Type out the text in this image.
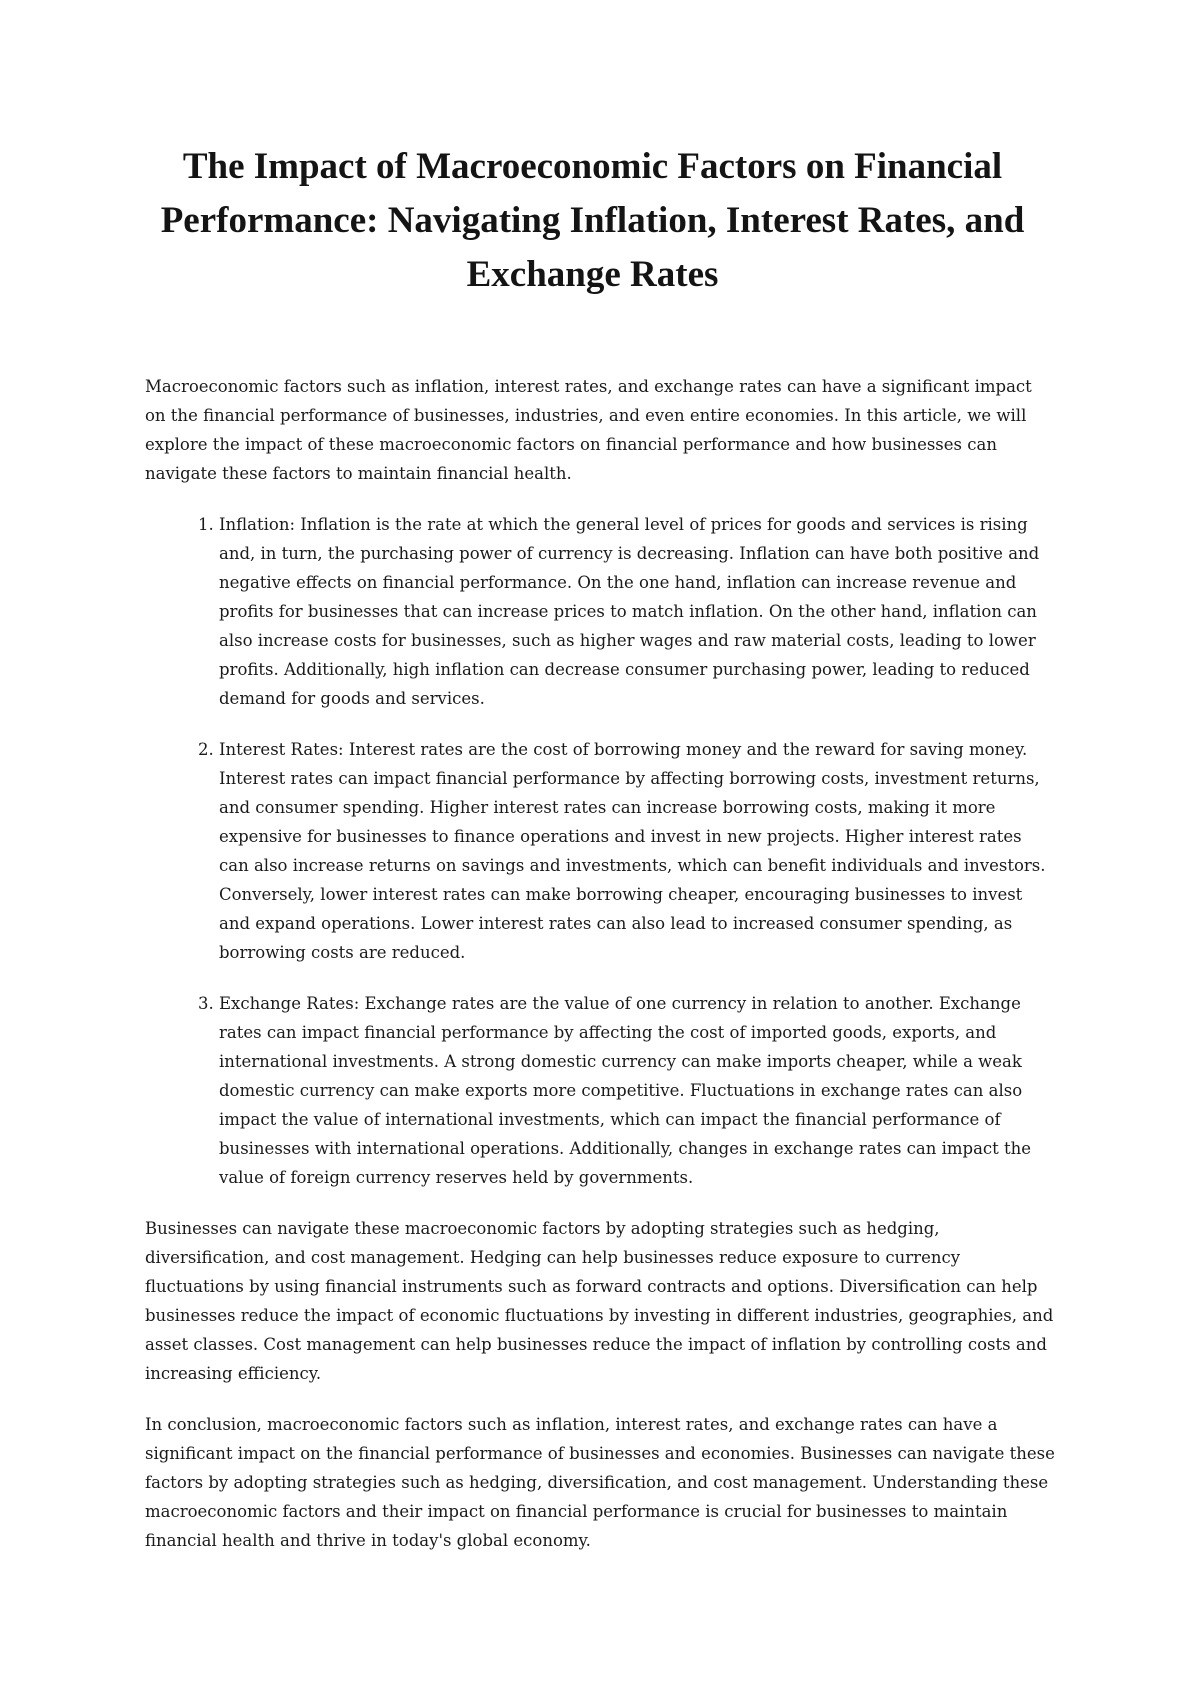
The Impact of Macroeconomic Factors on Financial Performance: Navigating Inflation, Interest Rates, and Exchange Rates

Macroeconomic factors such as inflation, interest rates, and exchange rates can have a significant impact on the financial performance of businesses, industries, and even entire economies. In this article, we will explore the impact of these macroeconomic factors on financial performance and how businesses can navigate these factors to maintain financial health.

1. Inflation: Inflation is the rate at which the general level of prices for goods and services is rising and, in turn, the purchasing power of currency is decreasing. Inflation can have both positive and negative effects on financial performance. On the one hand, inflation can increase revenue and profits for businesses that can increase prices to match inflation. On the other hand, inflation can also increase costs for businesses, such as higher wages and raw material costs, leading to lower profits. Additionally, high inflation can decrease consumer purchasing power, leading to reduced demand for goods and services.
2. Interest Rates: Interest rates are the cost of borrowing money and the reward for saving money. Interest rates can impact financial performance by affecting borrowing costs, investment returns, and consumer spending. Higher interest rates can increase borrowing costs, making it more expensive for businesses to finance operations and invest in new projects. Higher interest rates can also increase returns on savings and investments, which can benefit individuals and investors. Conversely, lower interest rates can make borrowing cheaper, encouraging businesses to invest and expand operations. Lower interest rates can also lead to increased consumer spending, as borrowing costs are reduced.
3. Exchange Rates: Exchange rates are the value of one currency in relation to another. Exchange rates can impact financial performance by affecting the cost of imported goods, exports, and international investments. A strong domestic currency can make imports cheaper, while a weak domestic currency can make exports more competitive. Fluctuations in exchange rates can also impact the value of international investments, which can impact the financial performance of businesses with international operations. Additionally, changes in exchange rates can impact the value of foreign currency reserves held by governments.

Businesses can navigate these macroeconomic factors by adopting strategies such as hedging, diversification, and cost management. Hedging can help businesses reduce exposure to currency fluctuations by using financial instruments such as forward contracts and options. Diversification can help businesses reduce the impact of economic fluctuations by investing in different industries, geographies, and asset classes. Cost management can help businesses reduce the impact of inflation by controlling costs and increasing efficiency.

In conclusion, macroeconomic factors such as inflation, interest rates, and exchange rates can have a significant impact on the financial performance of businesses and economies. Businesses can navigate these factors by adopting strategies such as hedging, diversification, and cost management. Understanding these macroeconomic factors and their impact on financial performance is crucial for businesses to maintain financial health and thrive in today's global economy.
